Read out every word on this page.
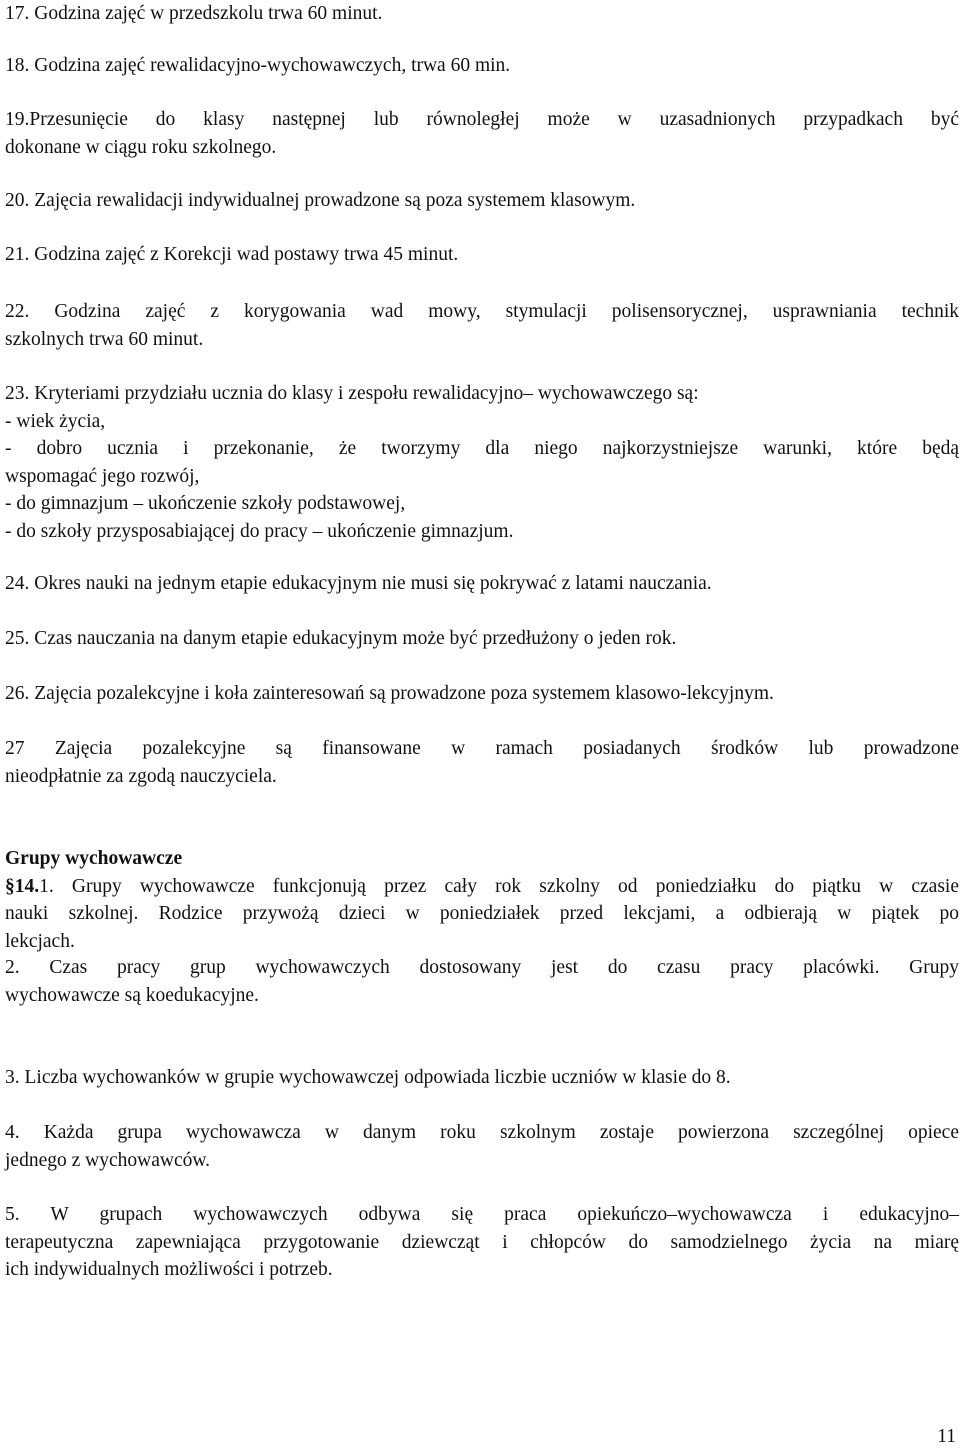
17. Godzina zajęć w przedszkolu trwa 60 minut.

18. Godzina zajęć rewalidacyjno-wychowawczych, trwa 60 min.

19.Przesunięcie do klasy następnej lub równoległej może w uzasadnionych przypadkach być
dokonane w ciągu roku szkolnego.

20. Zajęcia rewalidacji indywidualnej prowadzone są poza systemem klasowym.

21. Godzina zajęć z Korekcji wad postawy trwa 45 minut.

22. Godzina zajęć z korygowania wad mowy, stymulacji polisensorycznej, usprawniania technik
szkolnych trwa 60 minut.

23. Kryteriami przydziału ucznia do klasy i zespołu rewalidacyjno– wychowawczego są:
- wiek życia,
- dobro ucznia i przekonanie, że tworzymy dla niego najkorzystniejsze warunki, które będą
wspomagać jego rozwój,
- do gimnazjum – ukończenie szkoły podstawowej,
- do szkoły przysposabiającej do pracy – ukończenie gimnazjum.

24. Okres nauki na jednym etapie edukacyjnym nie musi się pokrywać z latami nauczania.

25. Czas nauczania na danym etapie edukacyjnym może być przedłużony o jeden rok.

26. Zajęcia pozalekcyjne i koła zainteresowań są prowadzone poza systemem klasowo-lekcyjnym.

27 Zajęcia pozalekcyjne są finansowane w ramach posiadanych środków lub prowadzone
nieodpłatnie za zgodą nauczyciela.

Grupy wychowawcze
§14.1. Grupy wychowawcze funkcjonują przez cały rok szkolny od poniedziałku do piątku w czasie
nauki szkolnej. Rodzice przywożą dzieci w poniedziałek przed lekcjami, a odbierają w piątek po
lekcjach.

2. Czas pracy grup wychowawczych dostosowany jest do czasu pracy placówki. Grupy
wychowawcze są koedukacyjne.

3. Liczba wychowanków w grupie wychowawczej odpowiada liczbie uczniów w klasie do 8.

4. Każda grupa wychowawcza w danym roku szkolnym zostaje powierzona szczególnej opiece
jednego z wychowawców.

5. W grupach wychowawczych odbywa się praca opiekuńczo–wychowawcza i edukacyjno–
terapeutyczna zapewniająca przygotowanie dziewcząt i chłopców do samodzielnego życia na miarę
ich indywidualnych możliwości i potrzeb.

11
